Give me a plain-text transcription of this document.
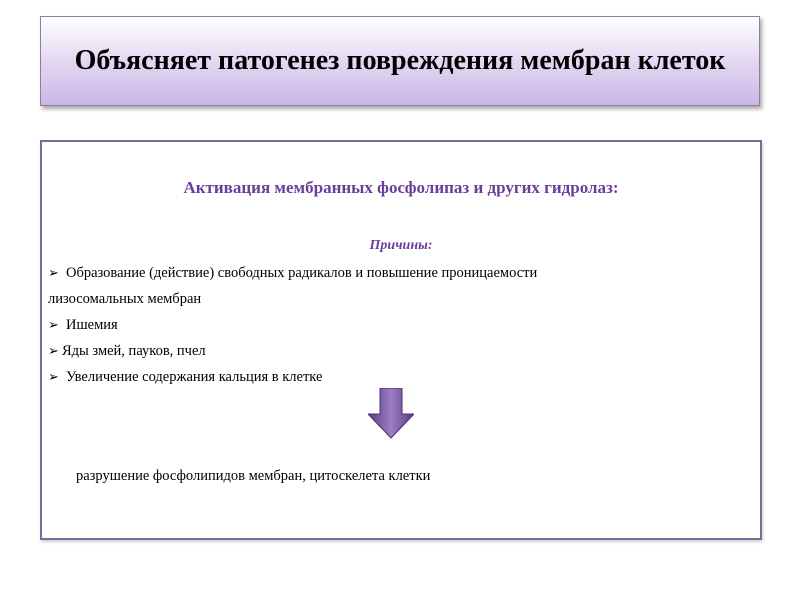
Объясняет патогенез повреждения мембран клеток
Активация мембранных фосфолипаз и других гидролаз:
Причины:
➢ Образование (действие) свободных радикалов и повышение проницаемости
лизосомальных мембран
➢ Ишемия
➢ Яды змей, пауков, пчел
➢ Увеличение содержания кальция в клетке
разрушение фосфолипидов мембран, цитоскелета клетки
